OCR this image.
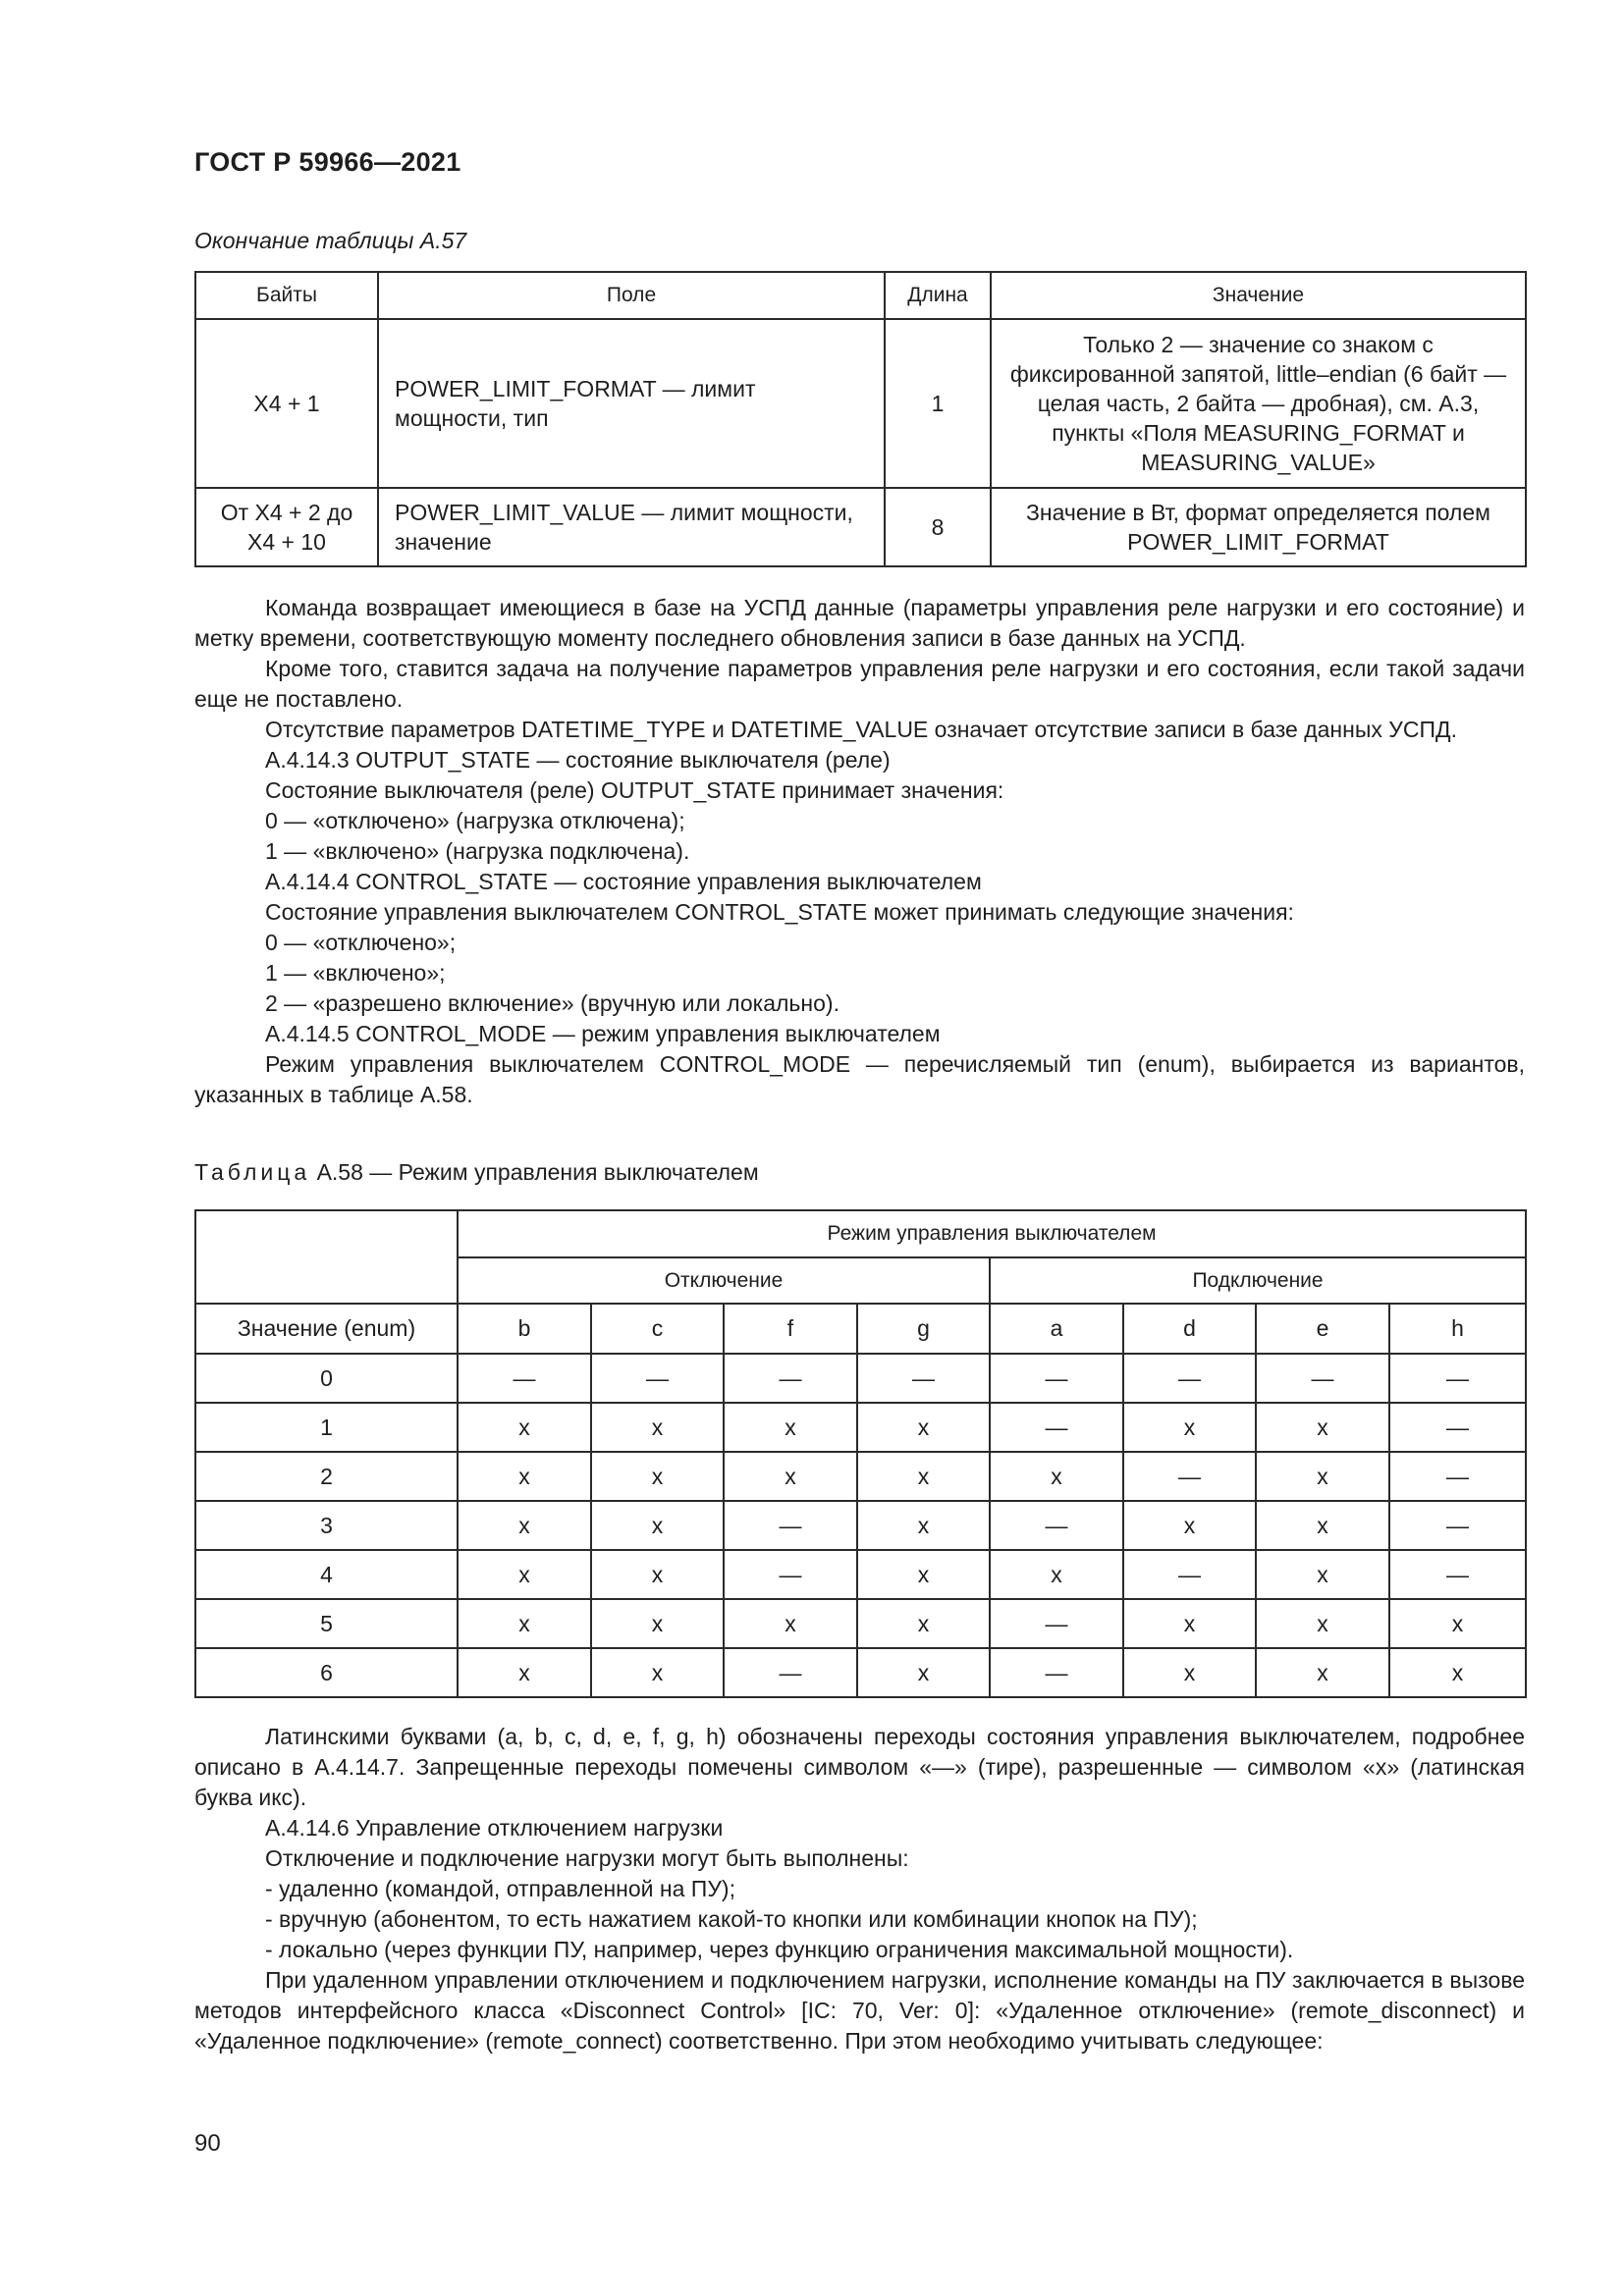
ГОСТ Р 59966—2021
Окончание таблицы А.57
Байты	Поле	Длина	Значение
Х4 + 1	POWER_LIMIT_FORMAT — лимит мощности, тип	1	Только 2 — значение со знаком с фиксированной запятой, little–endian (6 байт — целая часть, 2 байта — дробная), см. А.3, пункты «Поля MEASURING_FORMAT и MEASURING_VALUE»
От Х4 + 2 до Х4 + 10	POWER_LIMIT_VALUE — лимит мощности, значение	8	Значение в Вт, формат определяется полем POWER_LIMIT_FORMAT

Команда возвращает имеющиеся в базе на УСПД данные (параметры управления реле нагрузки и его состояние) и метку времени, соответствующую моменту последнего обновления записи в базе данных на УСПД.

Кроме того, ставится задача на получение параметров управления реле нагрузки и его состояния, если такой задачи еще не поставлено.

Отсутствие параметров DATETIME_TYPE и DATETIME_VALUE означает отсутствие записи в базе данных УСПД.

А.4.14.3 OUTPUT_STATE — состояние выключателя (реле)

Состояние выключателя (реле) OUTPUT_STATE принимает значения:

0 — «отключено» (нагрузка отключена);

1 — «включено» (нагрузка подключена).

А.4.14.4 CONTROL_STATE — состояние управления выключателем

Состояние управления выключателем CONTROL_STATE может принимать следующие значения:

0 — «отключено»;

1 — «включено»;

2 — «разрешено включение» (вручную или локально).

А.4.14.5 CONTROL_MODE — режим управления выключателем

Режим управления выключателем CONTROL_MODE — перечисляемый тип (enum), выбирается из вариантов, указанных в таблице А.58.

Таблица А.58 — Режим управления выключателем
	Режим управления выключателем							
	Отключение				Подключение			
Значение (enum)	b	c	f	g	a	d	e	h
0	—	—	—	—	—	—	—	—
1	х	х	х	х	—	х	х	—
2	х	х	х	х	х	—	х	—
3	х	х	—	х	—	х	х	—
4	х	х	—	х	х	—	х	—
5	х	х	х	х	—	х	х	х
6	х	х	—	х	—	х	х	х

Латинскими буквами (a, b, c, d, e, f, g, h) обозначены переходы состояния управления выключателем, подробнее описано в А.4.14.7. Запрещенные переходы помечены символом «—» (тире), разрешенные — символом «х» (латинская буква икс).

А.4.14.6 Управление отключением нагрузки

Отключение и подключение нагрузки могут быть выполнены:

- удаленно (командой, отправленной на ПУ);

- вручную (абонентом, то есть нажатием какой-то кнопки или комбинации кнопок на ПУ);

- локально (через функции ПУ, например, через функцию ограничения максимальной мощности).

При удаленном управлении отключением и подключением нагрузки, исполнение команды на ПУ заключается в вызове методов интерфейсного класса «Disconnect Control» [IC: 70, Ver: 0]: «Удаленное отключение» (remote_disconnect) и «Удаленное подключение» (remote_connect) соответственно. При этом необходимо учитывать следующее:

90
